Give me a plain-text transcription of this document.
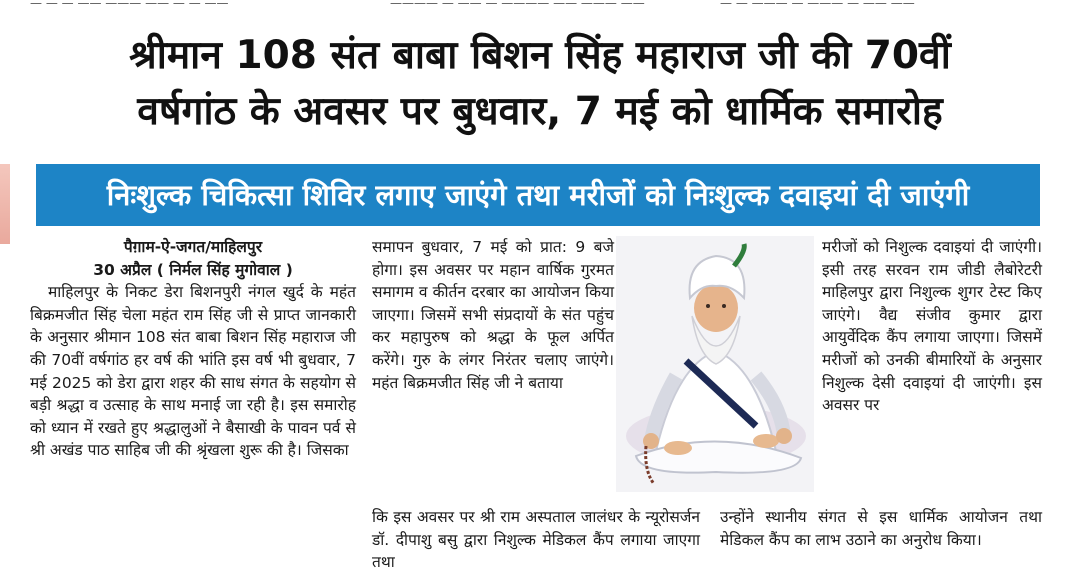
— — — —— ——— —— — — ——	———— — —— — ———— —— ——— ——	— — ——— — ——— — —— ——
श्रीमान 108 संत बाबा बिशन सिंह महाराज जी की 70वीं
वर्षगांठ के अवसर पर बुधवार, 7 मई को धार्मिक समारोह
निःशुल्क चिकित्सा शिविर लगाए जाएंगे तथा मरीजों को निःशुल्क दवाइयां दी जाएंगी
पैग़ाम-ऐ-जगत/माहिलपुर
30 अप्रैल ( निर्मल सिंह मुगोवाल )
माहिलपुर के निकट डेरा बिशनपुरी नंगल खुर्द के महंत बिक्रमजीत सिंह चेला महंत राम सिंह जी से प्राप्त जानकारी के अनुसार श्रीमान 108 संत बाबा बिशन सिंह महाराज जी की 70वीं वर्षगांठ हर वर्ष की भांति इस वर्ष भी बुधवार, 7 मई 2025 को डेरा द्वारा शहर की साध संगत के सहयोग से बड़ी श्रद्धा व उत्साह के साथ मनाई जा रही है। इस समारोह को ध्यान में रखते हुए श्रद्धालुओं ने बैसाखी के पावन पर्व से श्री अखंड पाठ साहिब जी की श्रृंखला शुरू की है। जिसका
समापन बुधवार, 7 मई को प्रात: 9 बजे होगा। इस अवसर पर महान वार्षिक गुरमत समागम व कीर्तन दरबार का आयोजन किया जाएगा। जिसमें सभी संप्रदायों के संत पहुंच कर महापुरुष को श्रद्धा के फूल अर्पित करेंगे। गुरु के लंगर निरंतर चलाए जाएंगे। महंत बिक्रमजीत सिंह जी ने बताया
मरीजों को निशुल्क दवाइयां दी जाएंगी। इसी तरह सरवन राम जीडी लैबोरेटरी माहिलपुर द्वारा निशुल्क शुगर टेस्ट किए जाएंगे। वैद्य संजीव कुमार द्वारा आयुर्वेदिक कैंप लगाया जाएगा। जिसमें मरीजों को उनकी बीमारियों के अनुसार निशुल्क देसी दवाइयां दी जाएंगी। इस अवसर पर
कि इस अवसर पर श्री राम अस्पताल जालंधर के न्यूरोसर्जन डॉ. दीपाशु बसु द्वारा निशुल्क मेडिकल कैंप लगाया जाएगा तथा
उन्होंने स्थानीय संगत से इस धार्मिक आयोजन तथा मेडिकल कैंप का लाभ उठाने का अनुरोध किया।
